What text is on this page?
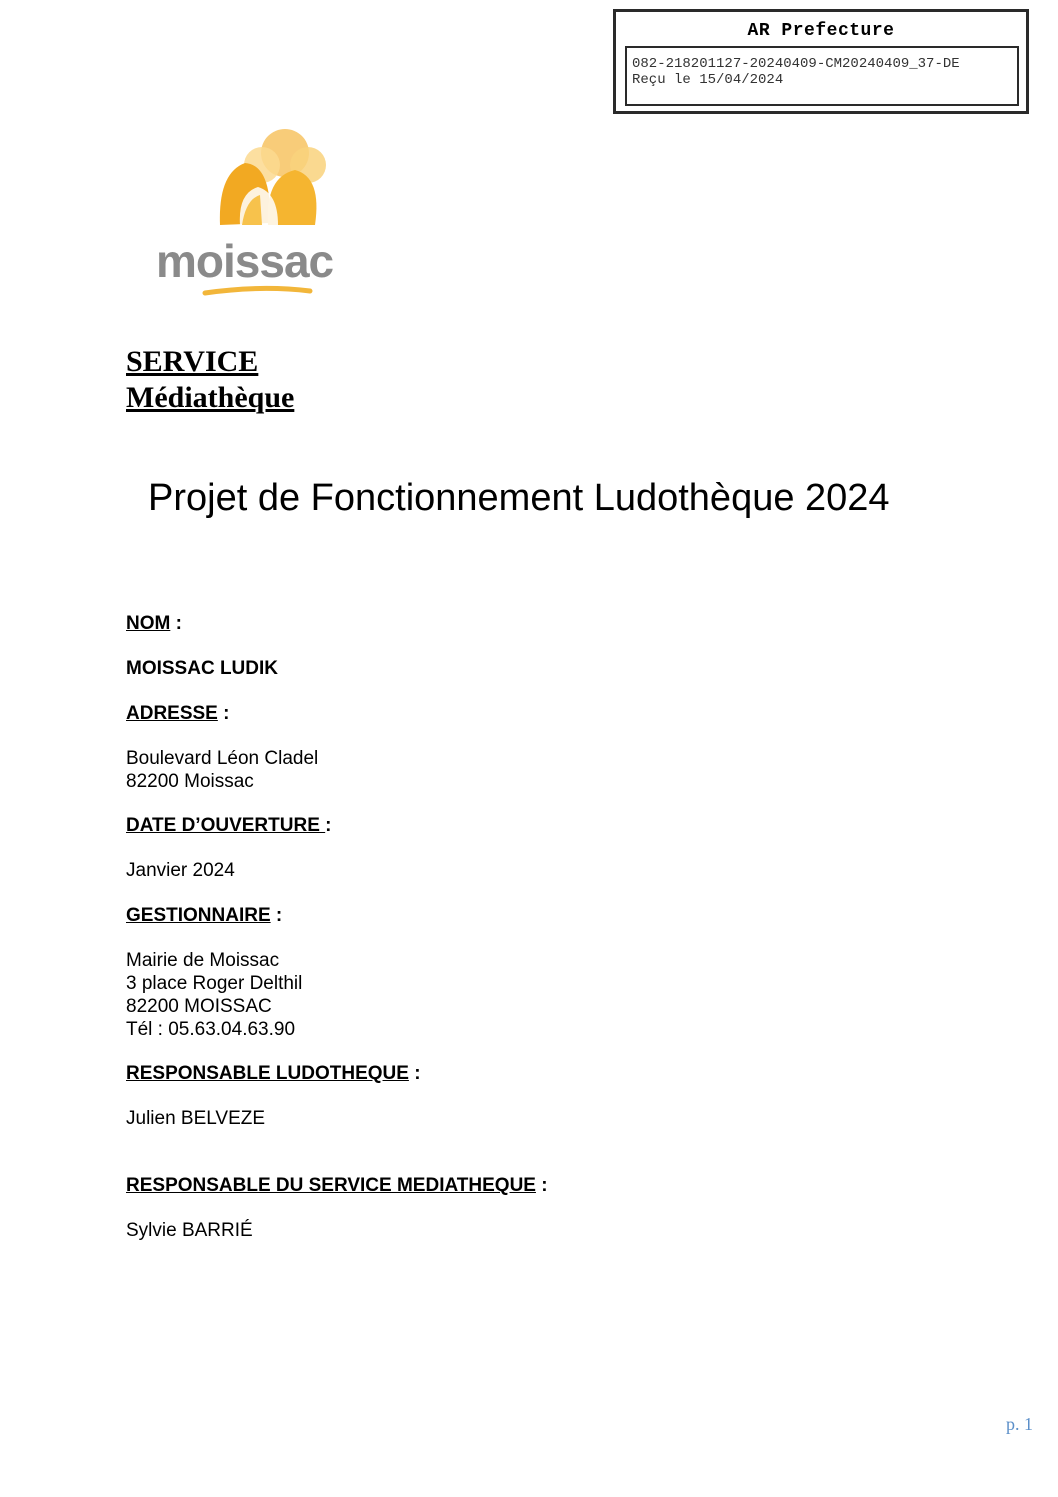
AR Prefecture
082-218201127-20240409-CM20240409_37-DE
Reçu le 15/04/2024
moissac
SERVICE
Médiathèque
Projet de Fonctionnement Ludothèque 2024
NOM :
MOISSAC LUDIK
ADRESSE :
Boulevard Léon Cladel
82200 Moissac
DATE D’OUVERTURE :
Janvier 2024
GESTIONNAIRE :
Mairie de Moissac
3 place Roger Delthil
82200 MOISSAC
Tél : 05.63.04.63.90
RESPONSABLE LUDOTHEQUE :
Julien BELVEZE
RESPONSABLE DU SERVICE MEDIATHEQUE :
Sylvie BARRIÉ
p. 1
